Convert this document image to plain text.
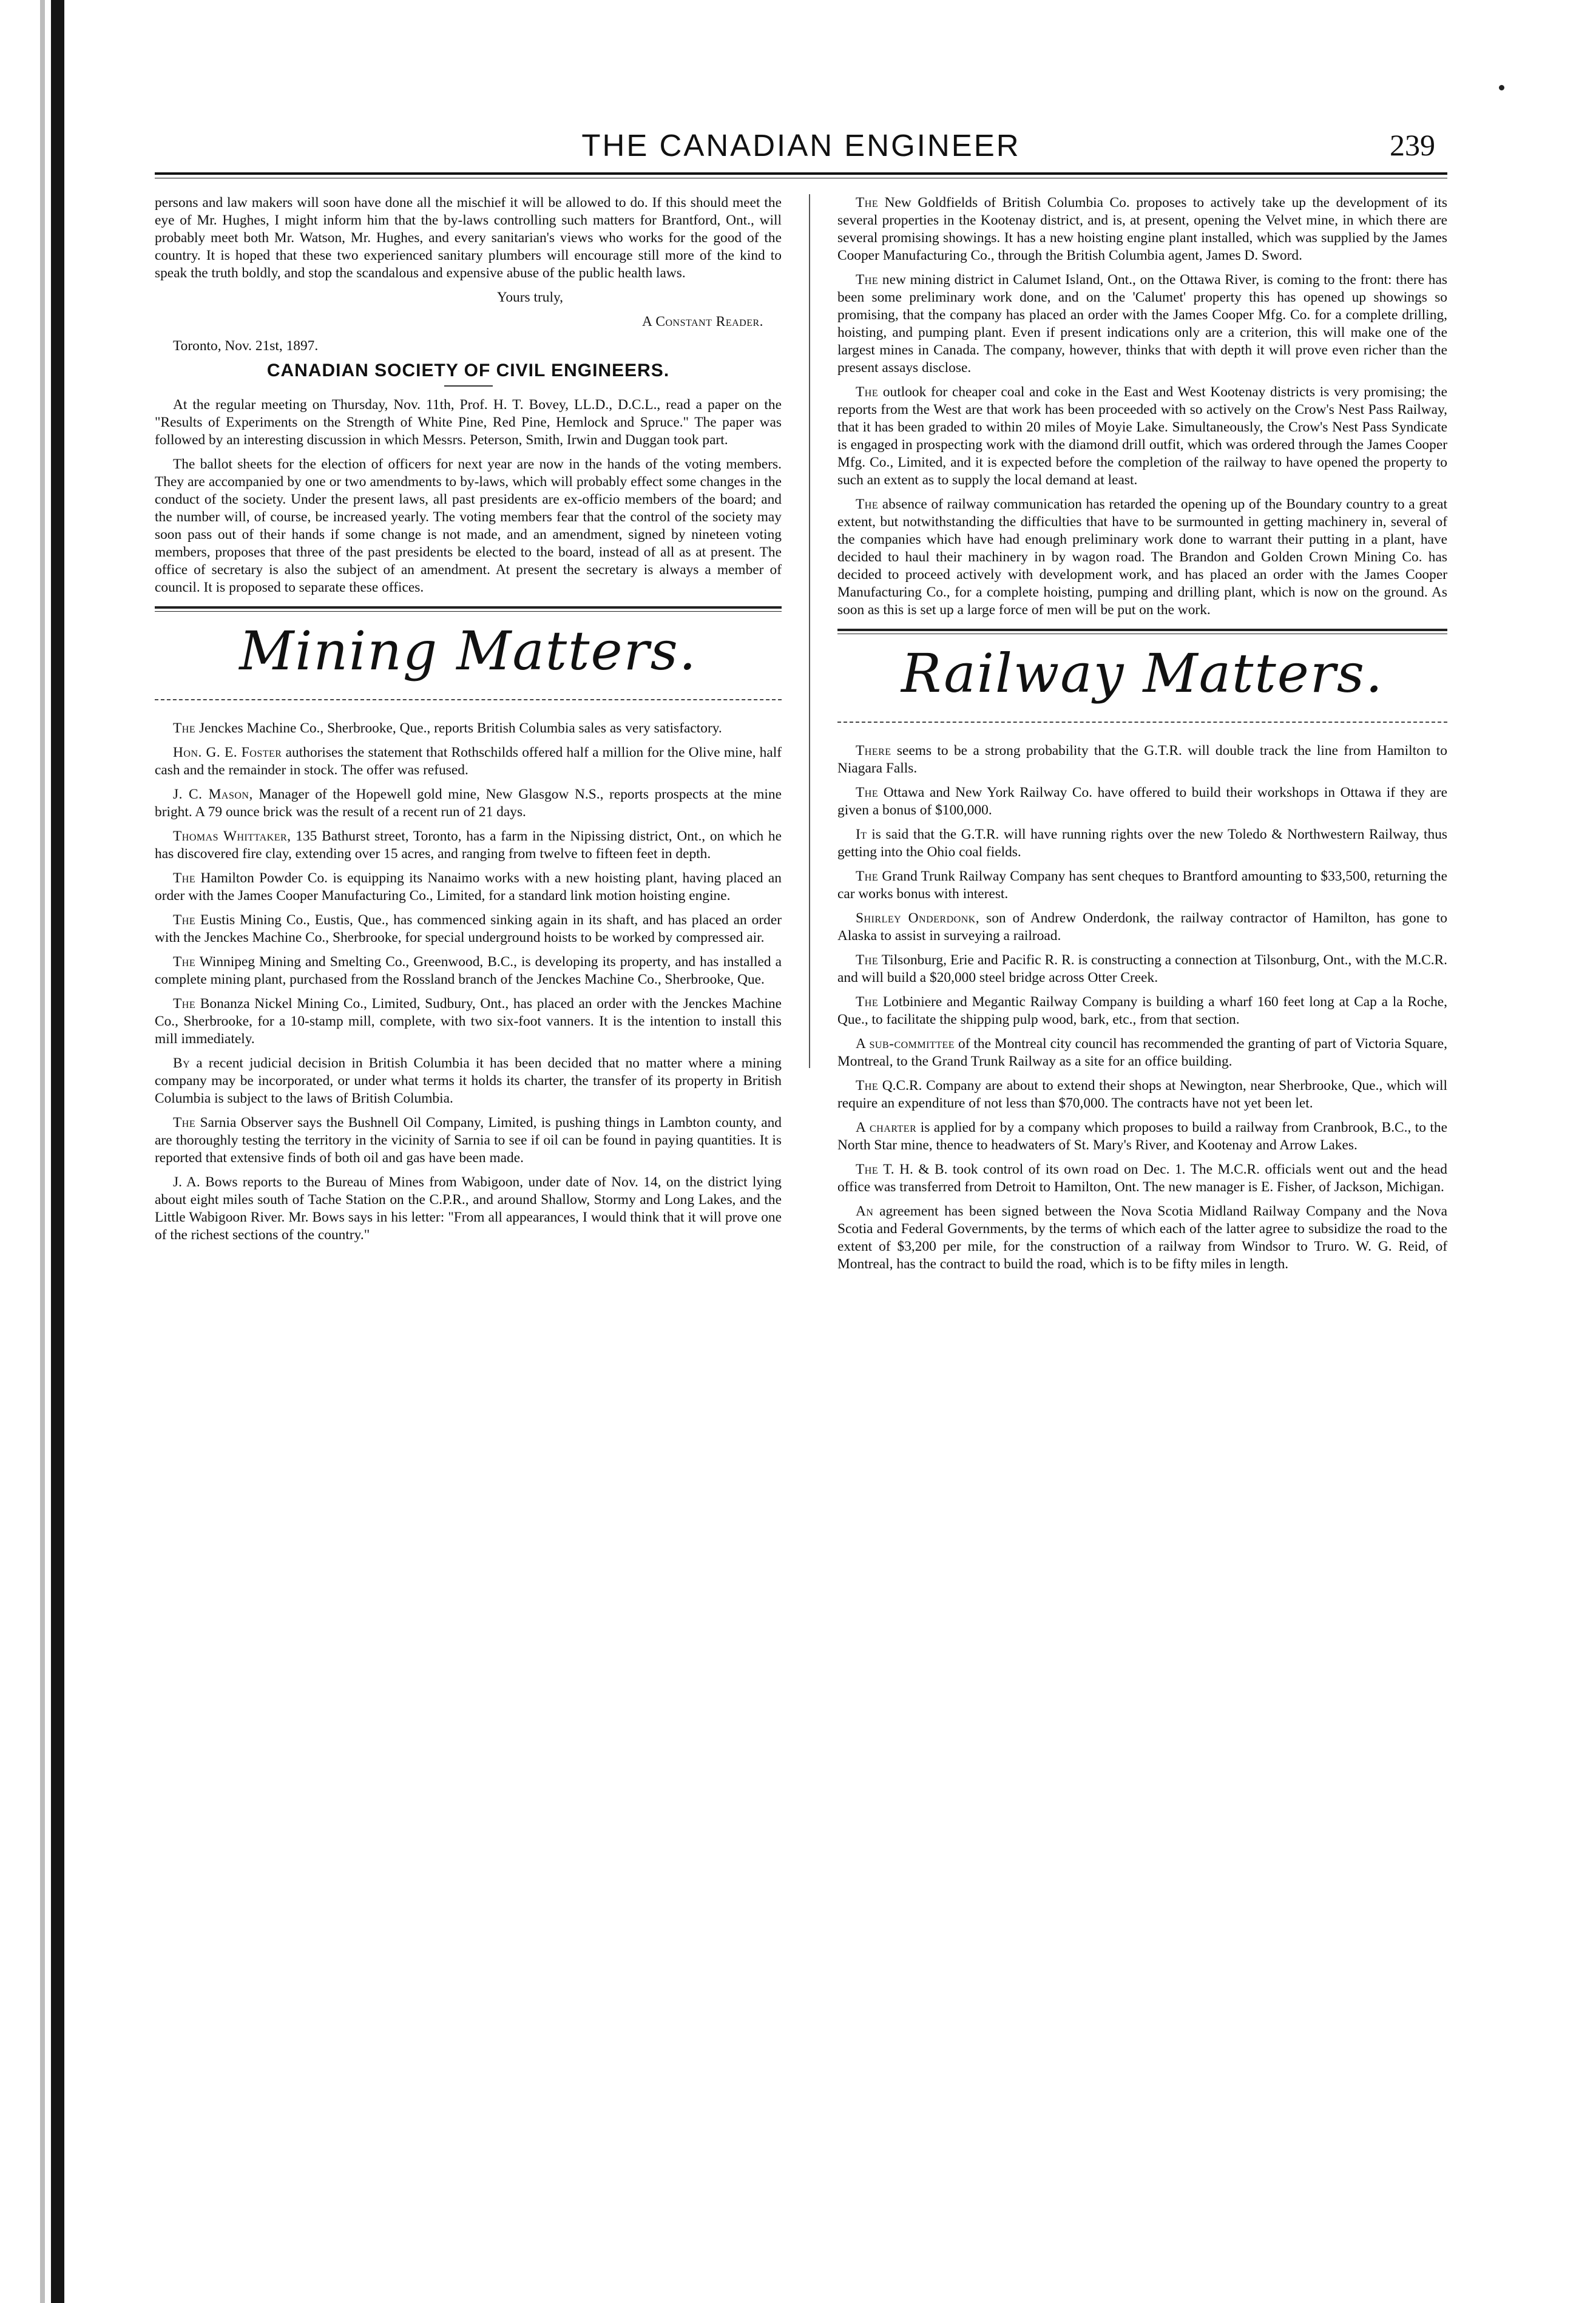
THE CANADIAN ENGINEER	239

persons and law makers will soon have done all the mischief it will be allowed to do. If this should meet the eye of Mr. Hughes, I might inform him that the by-laws controlling such matters for Brantford, Ont., will probably meet both Mr. Watson, Mr. Hughes, and every sanitarian's views who works for the good of the country. It is hoped that these two experienced sanitary plumbers will encourage still more of the kind to speak the truth boldly, and stop the scandalous and expensive abuse of the public health laws.

Yours truly,

A Constant Reader.

Toronto, Nov. 21st, 1897.

CANADIAN SOCIETY OF CIVIL ENGINEERS.

At the regular meeting on Thursday, Nov. 11th, Prof. H. T. Bovey, LL.D., D.C.L., read a paper on the "Results of Experiments on the Strength of White Pine, Red Pine, Hemlock and Spruce." The paper was followed by an interesting discussion in which Messrs. Peterson, Smith, Irwin and Duggan took part.

The ballot sheets for the election of officers for next year are now in the hands of the voting members. They are accompanied by one or two amendments to by-laws, which will probably effect some changes in the conduct of the society. Under the present laws, all past presidents are ex-officio members of the board; and the number will, of course, be increased yearly. The voting members fear that the control of the society may soon pass out of their hands if some change is not made, and an amendment, signed by nineteen voting members, proposes that three of the past presidents be elected to the board, instead of all as at present. The office of secretary is also the subject of an amendment. At present the secretary is always a member of council. It is proposed to separate these offices.

Mining Matters.

The Jenckes Machine Co., Sherbrooke, Que., reports British Columbia sales as very satisfactory.

Hon. G. E. Foster authorises the statement that Rothschilds offered half a million for the Olive mine, half cash and the remainder in stock. The offer was refused.

J. C. Mason, Manager of the Hopewell gold mine, New Glasgow N.S., reports prospects at the mine bright. A 79 ounce brick was the result of a recent run of 21 days.

Thomas Whittaker, 135 Bathurst street, Toronto, has a farm in the Nipissing district, Ont., on which he has discovered fire clay, extending over 15 acres, and ranging from twelve to fifteen feet in depth.

The Hamilton Powder Co. is equipping its Nanaimo works with a new hoisting plant, having placed an order with the James Cooper Manufacturing Co., Limited, for a standard link motion hoisting engine.

The Eustis Mining Co., Eustis, Que., has commenced sinking again in its shaft, and has placed an order with the Jenckes Machine Co., Sherbrooke, for special underground hoists to be worked by compressed air.

The Winnipeg Mining and Smelting Co., Greenwood, B.C., is developing its property, and has installed a complete mining plant, purchased from the Rossland branch of the Jenckes Machine Co., Sherbrooke, Que.

The Bonanza Nickel Mining Co., Limited, Sudbury, Ont., has placed an order with the Jenckes Machine Co., Sherbrooke, for a 10-stamp mill, complete, with two six-foot vanners. It is the intention to install this mill immediately.

By a recent judicial decision in British Columbia it has been decided that no matter where a mining company may be incorporated, or under what terms it holds its charter, the transfer of its property in British Columbia is subject to the laws of British Columbia.

The Sarnia Observer says the Bushnell Oil Company, Limited, is pushing things in Lambton county, and are thoroughly testing the territory in the vicinity of Sarnia to see if oil can be found in paying quantities. It is reported that extensive finds of both oil and gas have been made.

J. A. Bows reports to the Bureau of Mines from Wabigoon, under date of Nov. 14, on the district lying about eight miles south of Tache Station on the C.P.R., and around Shallow, Stormy and Long Lakes, and the Little Wabigoon River. Mr. Bows says in his letter: "From all appearances, I would think that it will prove one of the richest sections of the country."

The New Goldfields of British Columbia Co. proposes to actively take up the development of its several properties in the Kootenay district, and is, at present, opening the Velvet mine, in which there are several promising showings. It has a new hoisting engine plant installed, which was supplied by the James Cooper Manufacturing Co., through the British Columbia agent, James D. Sword.

The new mining district in Calumet Island, Ont., on the Ottawa River, is coming to the front: there has been some preliminary work done, and on the 'Calumet' property this has opened up showings so promising, that the company has placed an order with the James Cooper Mfg. Co. for a complete drilling, hoisting, and pumping plant. Even if present indications only are a criterion, this will make one of the largest mines in Canada. The company, however, thinks that with depth it will prove even richer than the present assays disclose.

The outlook for cheaper coal and coke in the East and West Kootenay districts is very promising; the reports from the West are that work has been proceeded with so actively on the Crow's Nest Pass Railway, that it has been graded to within 20 miles of Moyie Lake. Simultaneously, the Crow's Nest Pass Syndicate is engaged in prospecting work with the diamond drill outfit, which was ordered through the James Cooper Mfg. Co., Limited, and it is expected before the completion of the railway to have opened the property to such an extent as to supply the local demand at least.

The absence of railway communication has retarded the opening up of the Boundary country to a great extent, but notwithstanding the difficulties that have to be surmounted in getting machinery in, several of the companies which have had enough preliminary work done to warrant their putting in a plant, have decided to haul their machinery in by wagon road. The Brandon and Golden Crown Mining Co. has decided to proceed actively with development work, and has placed an order with the James Cooper Manufacturing Co., for a complete hoisting, pumping and drilling plant, which is now on the ground. As soon as this is set up a large force of men will be put on the work.

Railway Matters.

There seems to be a strong probability that the G.T.R. will double track the line from Hamilton to Niagara Falls.

The Ottawa and New York Railway Co. have offered to build their workshops in Ottawa if they are given a bonus of $100,000.

It is said that the G.T.R. will have running rights over the new Toledo & Northwestern Railway, thus getting into the Ohio coal fields.

The Grand Trunk Railway Company has sent cheques to Brantford amounting to $33,500, returning the car works bonus with interest.

Shirley Onderdonk, son of Andrew Onderdonk, the railway contractor of Hamilton, has gone to Alaska to assist in surveying a railroad.

The Tilsonburg, Erie and Pacific R. R. is constructing a connection at Tilsonburg, Ont., with the M.C.R. and will build a $20,000 steel bridge across Otter Creek.

The Lotbiniere and Megantic Railway Company is building a wharf 160 feet long at Cap a la Roche, Que., to facilitate the shipping pulp wood, bark, etc., from that section.

A sub-committee of the Montreal city council has recommended the granting of part of Victoria Square, Montreal, to the Grand Trunk Railway as a site for an office building.

The Q.C.R. Company are about to extend their shops at Newington, near Sherbrooke, Que., which will require an expenditure of not less than $70,000. The contracts have not yet been let.

A charter is applied for by a company which proposes to build a railway from Cranbrook, B.C., to the North Star mine, thence to headwaters of St. Mary's River, and Kootenay and Arrow Lakes.

The T. H. & B. took control of its own road on Dec. 1. The M.C.R. officials went out and the head office was transferred from Detroit to Hamilton, Ont. The new manager is E. Fisher, of Jackson, Michigan.

An agreement has been signed between the Nova Scotia Midland Railway Company and the Nova Scotia and Federal Governments, by the terms of which each of the latter agree to subsidize the road to the extent of $3,200 per mile, for the construction of a railway from Windsor to Truro. W. G. Reid, of Montreal, has the contract to build the road, which is to be fifty miles in length.
